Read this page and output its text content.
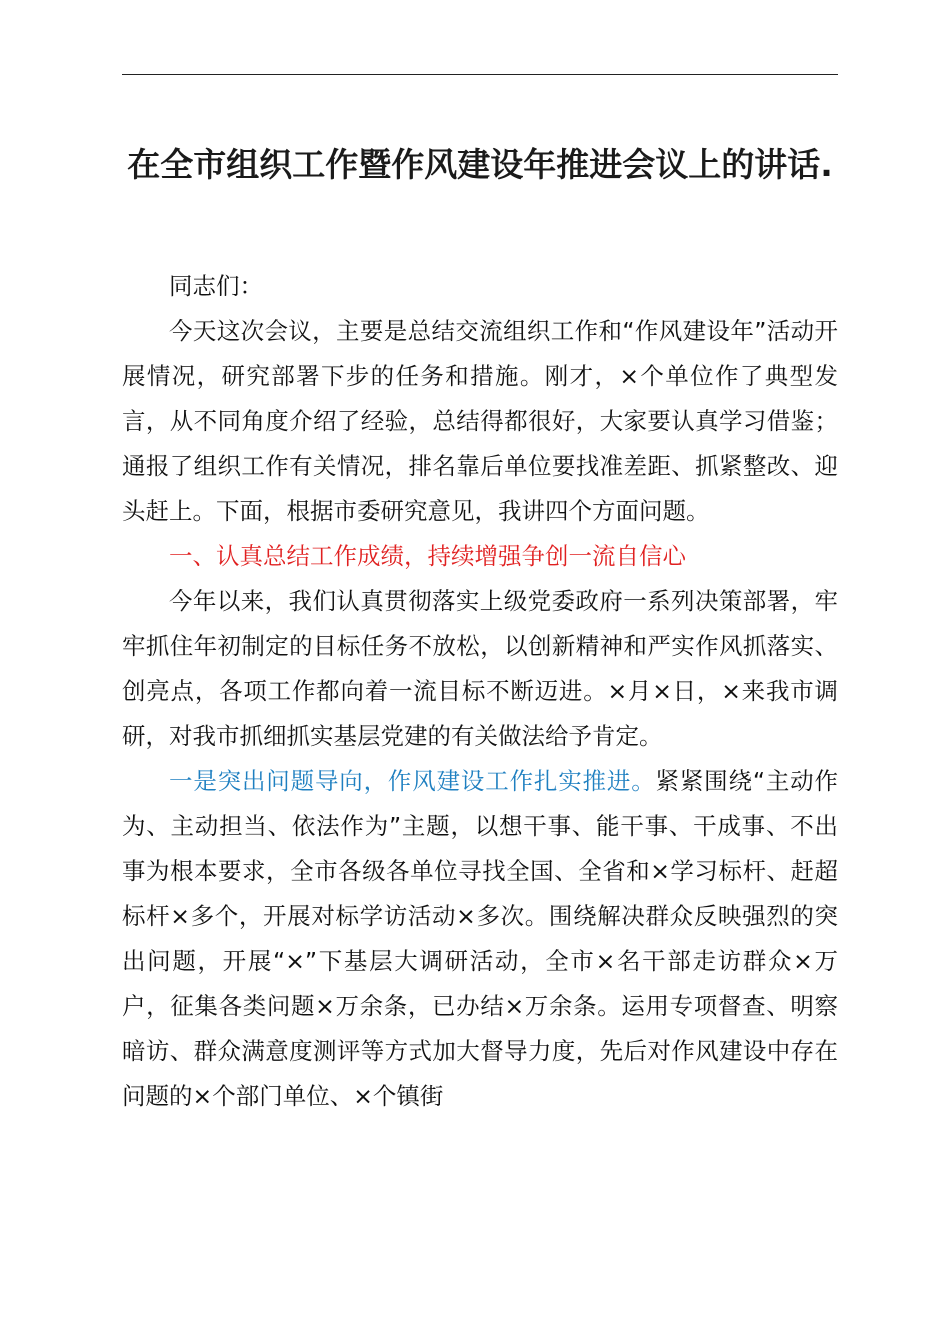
在全市组织工作暨作风建设年推进会议上的讲话.

同志们：

今天这次会议，主要是总结交流组织工作和“作风建设年”活动开展情况，研究部署下步的任务和措施。刚才，×个单位作了典型发言，从不同角度介绍了经验，总结得都很好，大家要认真学习借鉴；通报了组织工作有关情况，排名靠后单位要找准差距、抓紧整改、迎头赶上。下面，根据市委研究意见，我讲四个方面问题。

一、认真总结工作成绩，持续增强争创一流自信心

今年以来，我们认真贯彻落实上级党委政府一系列决策部署，牢牢抓住年初制定的目标任务不放松，以创新精神和严实作风抓落实、创亮点，各项工作都向着一流目标不断迈进。×月×日，×来我市调研，对我市抓细抓实基层党建的有关做法给予肯定。

一是突出问题导向，作风建设工作扎实推进。紧紧围绕“主动作为、主动担当、依法作为”主题，以想干事、能干事、干成事、不出事为根本要求，全市各级各单位寻找全国、全省和×学习标杆、赶超标杆×多个，开展对标学访活动×多次。围绕解决群众反映强烈的突出问题，开展“×”下基层大调研活动，全市×名干部走访群众×万户，征集各类问题×万余条，已办结×万余条。运用专项督查、明察暗访、群众满意度测评等方式加大督导力度，先后对作风建设中存在问题的×个部门单位、×个镇街
